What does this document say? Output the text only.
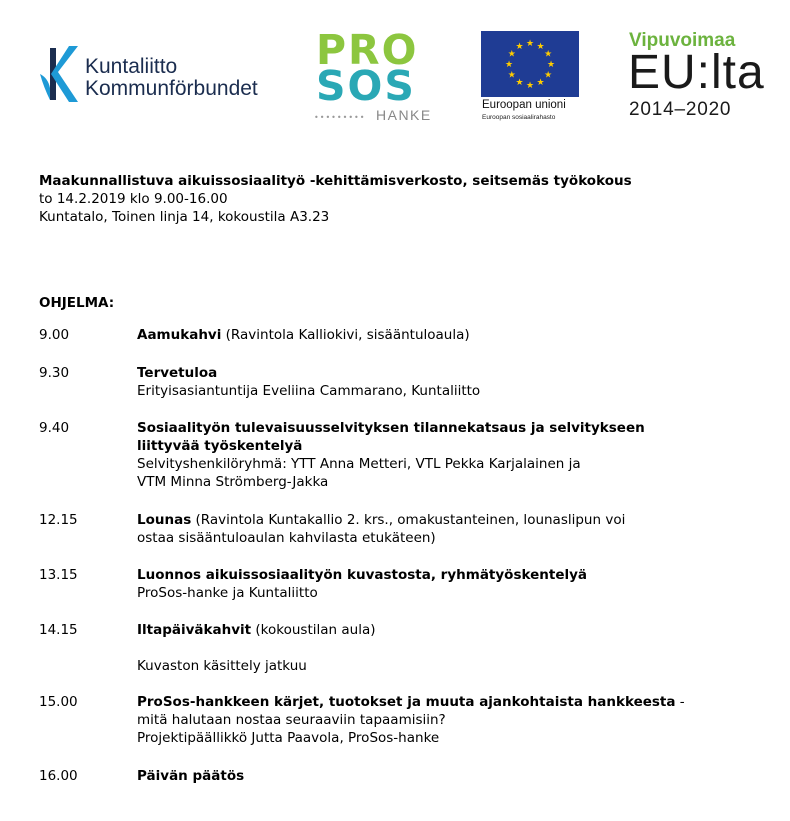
Kuntaliitto
Kommunförbundet
PRO
SOS
••••••••• HANKE
★ ★
★
★
★
★
★
★
★
★
★
★
Euroopan unioni
Euroopan sosiaalirahasto
Vipuvoimaa
EU:lta
2014–2020
Maakunnallistuva aikuissosiaalityö -kehittämisverkosto, seitsemäs työkokous
to 14.2.2019 klo 9.00-16.00
Kuntatalo, Toinen linja 14, kokoustila A3.23
OHJELMA:
9.00	Aamukahvi (Ravintola Kalliokivi, sisääntuloaula)
9.30	Tervetuloa
Erityisasiantuntija Eveliina Cammarano, Kuntaliitto
9.40	Sosiaalityön tulevaisuusselvityksen tilannekatsaus ja selvitykseen
liittyvää työskentelyä
Selvityshenkilöryhmä: YTT Anna Metteri, VTL Pekka Karjalainen ja
VTM Minna Strömberg-Jakka
12.15	Lounas (Ravintola Kuntakallio 2. krs., omakustanteinen, lounaslipun voi
ostaa sisääntuloaulan kahvilasta etukäteen)
13.15	Luonnos aikuissosiaalityön kuvastosta, ryhmätyöskentelyä
ProSos-hanke ja Kuntaliitto
14.15	Iltapäiväkahvit (kokoustilan aula)
Kuvaston käsittely jatkuu
15.00	ProSos-hankkeen kärjet, tuotokset ja muuta ajankohtaista hankkeesta -
mitä halutaan nostaa seuraaviin tapaamisiin?
Projektipäällikkö Jutta Paavola, ProSos-hanke
16.00	Päivän päätös
